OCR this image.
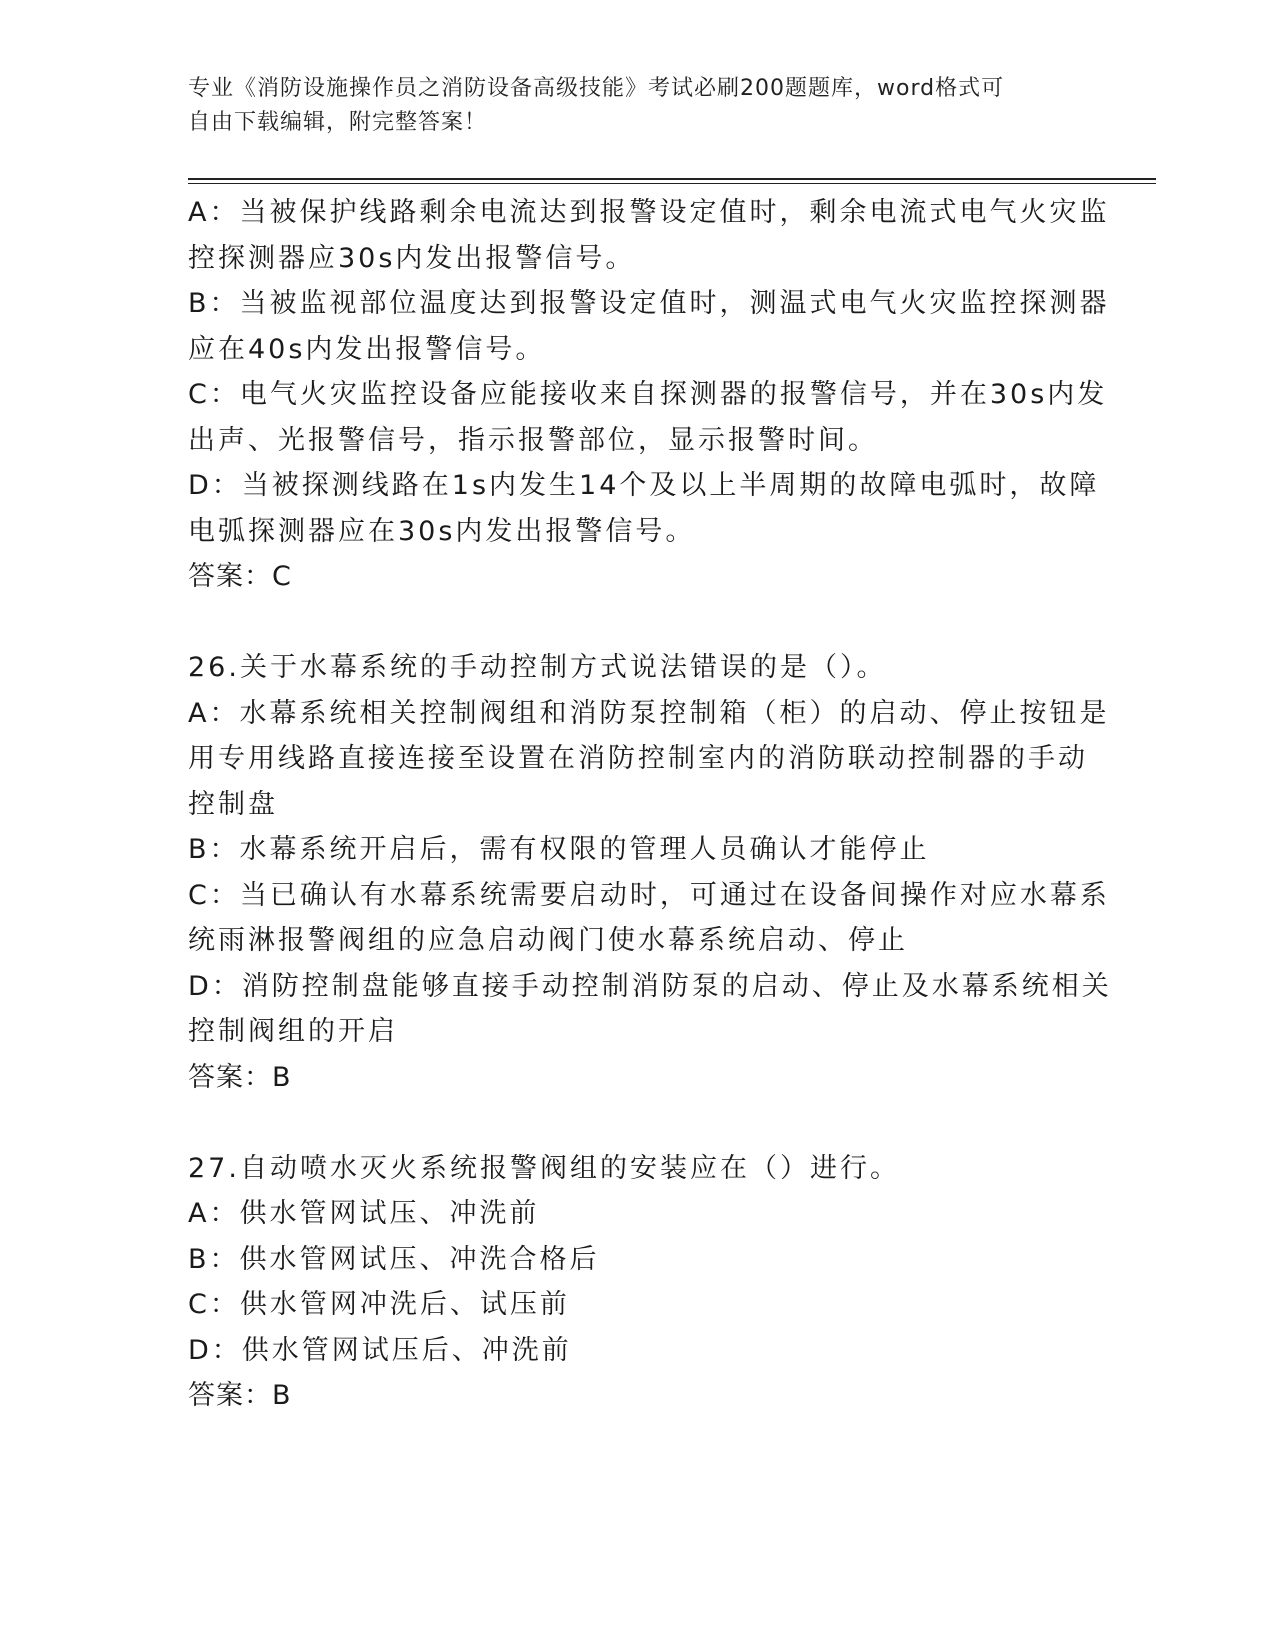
专业《消防设施操作员之消防设备高级技能》考试必刷200题题库，word格式可
自由下载编辑，附完整答案！
A：当被保护线路剩余电流达到报警设定值时，剩余电流式电气火灾监
控探测器应30s内发出报警信号。
B：当被监视部位温度达到报警设定值时，测温式电气火灾监控探测器
应在40s内发出报警信号。
C：电气火灾监控设备应能接收来自探测器的报警信号，并在30s内发
出声、光报警信号，指示报警部位，显示报警时间。
D：当被探测线路在1s内发生14个及以上半周期的故障电弧时，故障
电弧探测器应在30s内发出报警信号。
答案：C
26.关于水幕系统的手动控制方式说法错误的是（）。
A：水幕系统相关控制阀组和消防泵控制箱（柜）的启动、停止按钮是
用专用线路直接连接至设置在消防控制室内的消防联动控制器的手动
控制盘
B：水幕系统开启后，需有权限的管理人员确认才能停止
C：当已确认有水幕系统需要启动时，可通过在设备间操作对应水幕系
统雨淋报警阀组的应急启动阀门使水幕系统启动、停止
D：消防控制盘能够直接手动控制消防泵的启动、停止及水幕系统相关
控制阀组的开启
答案：B
27.自动喷水灭火系统报警阀组的安装应在（）进行。
A：供水管网试压、冲洗前
B：供水管网试压、冲洗合格后
C：供水管网冲洗后、试压前
D：供水管网试压后、冲洗前
答案：B
